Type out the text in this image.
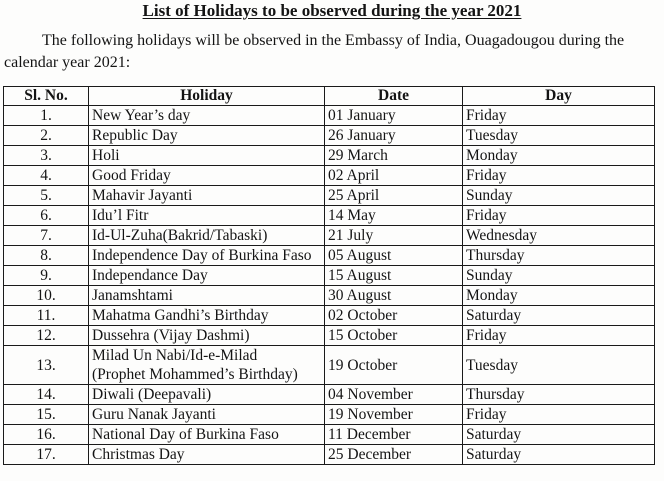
List of Holidays to be observed during the year 2021
The following holidays will be observed in the Embassy of India, Ouagadougou during the calendar year 2021:
Sl. No.	Holiday	Date	Day
1.	New Year’s day	01 January	Friday
2.	Republic Day	26 January	Tuesday
3.	Holi	29 March	Monday
4.	Good Friday	02 April	Friday
5.	Mahavir Jayanti	25 April	Sunday
6.	Idu’l Fitr	14 May	Friday
7.	Id-Ul-Zuha(Bakrid/Tabaski)	21 July	Wednesday
8.	Independence Day of Burkina Faso	05 August	Thursday
9.	Independance Day	15 August	Sunday
10.	Janamshtami	30 August	Monday
11.	Mahatma Gandhi’s Birthday	02 October	Saturday
12.	Dussehra (Vijay Dashmi)	15 October	Friday
13.	Milad Un Nabi/Id-e-Milad
(Prophet Mohammed’s Birthday)	19 October	Tuesday
14.	Diwali (Deepavali)	04 November	Thursday
15.	Guru Nanak Jayanti	19 November	Friday
16.	National Day of Burkina Faso	11 December	Saturday
17.	Christmas Day	25 December	Saturday
